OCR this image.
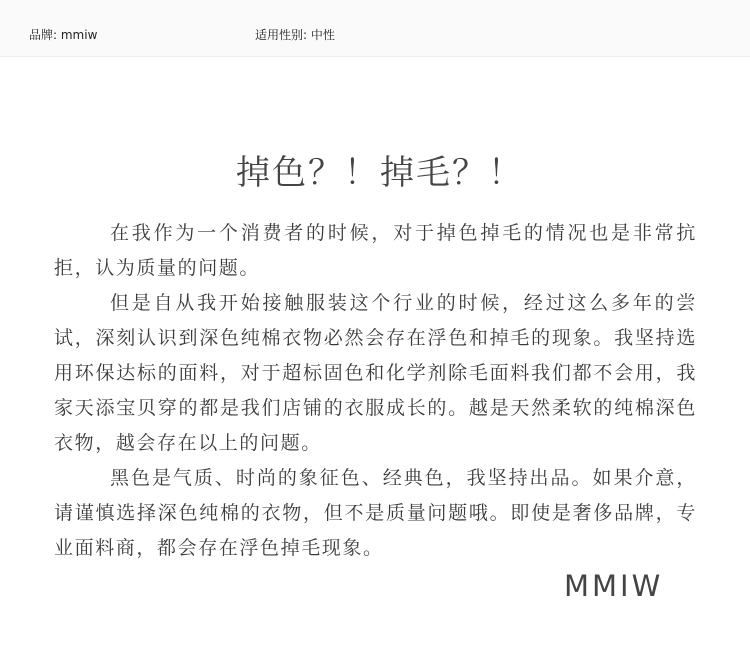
品牌: mmiw	适用性别: 中性
掉色？！掉毛？！

在我作为一个消费者的时候，对于掉色掉毛的情况也是非常抗拒，认为质量的问题。

但是自从我开始接触服装这个行业的时候，经过这么多年的尝试，深刻认识到深色纯棉衣物必然会存在浮色和掉毛的现象。我坚持选用环保达标的面料，对于超标固色和化学剂除毛面料我们都不会用，我家天添宝贝穿的都是我们店铺的衣服成长的。越是天然柔软的纯棉深色衣物，越会存在以上的问题。

黑色是气质、时尚的象征色、经典色，我坚持出品。如果介意，请谨慎选择深色纯棉的衣物，但不是质量问题哦。即使是奢侈品牌，专业面料商，都会存在浮色掉毛现象。

MMIW
